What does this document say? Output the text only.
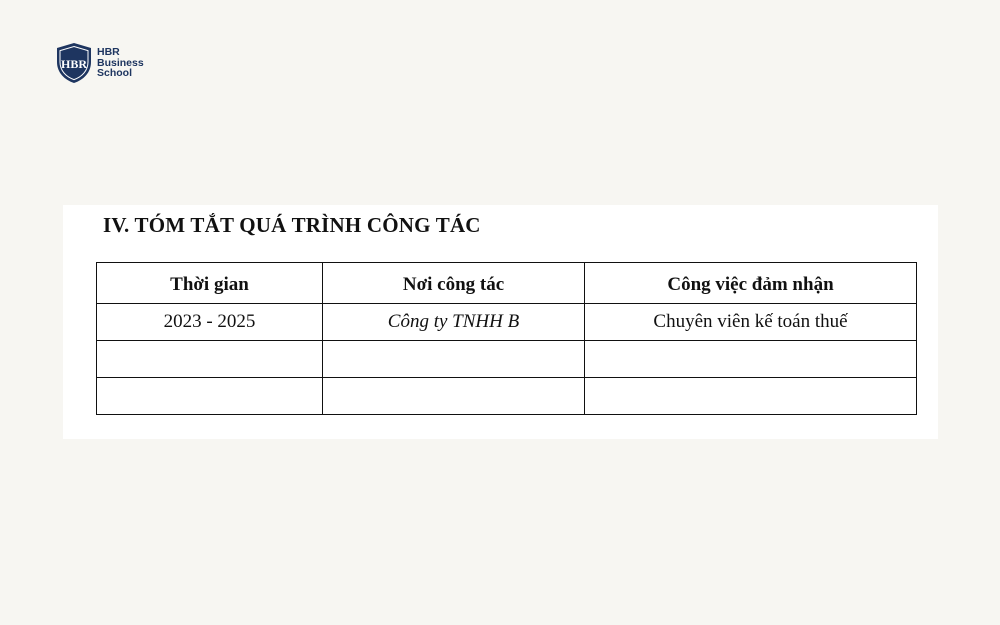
HBR
HBR
Business
School
IV. TÓM TẮT QUÁ TRÌNH CÔNG TÁC
Thời gian	Nơi công tác	Công việc đảm nhận
2023 - 2025	Công ty TNHH B	Chuyên viên kế toán thuế
